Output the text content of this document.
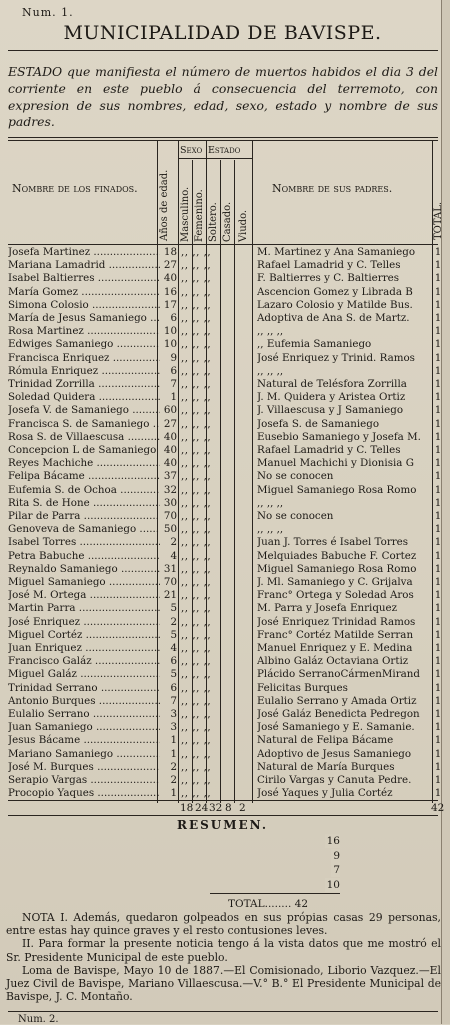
Num. 1.
MUNICIPALIDAD DE BAVISPE.
ESTADO que manifiesta el número de muertos habidos el dia 3 del corriente en este pueblo á consecuencia del terremoto, con expresion de sus nombres, edad, sexo, estado y nombre de sus padres.
Nombre de los finados. Años de edad.
Sexo Estado
Masculino. Femenino. Soltero. Casado. Viudo.
Nombre de sus padres.
TOTAL.
Josefa Martinez .....	18 ,, ,, ,,	M. Martinez y Ana Samaniego	1
Mariana Lamadrid .....	27 ,, ,, ,,	Rafael Lamadrid y C. Telles	1
Isabel Baltierres .....	40 ,, ,, ,,	F. Baltierres y C. Baltierres	1
María Gomez .....	16 ,, ,, ,,	Ascencion Gomez y Librada B	1
Simona Colosio .....	17 ,, ,, ,,	Lazaro Colosio y Matilde Bus.	1
María de Jesus Samaniego .....	6 ,, ,, ,,	Adoptiva de Ana S. de Martz.	1
Rosa Martinez .....	10 ,, ,, ,,	,, ,, ,,	1
Edwiges Samaniego .....	10 ,, ,, ,,	,, Eufemia Samaniego	1
Francisca Enriquez .....	9 ,, ,, ,,	José Enriquez y Trinid. Ramos	1
Rómula Enriquez .....	6 ,, ,, ,,	,, ,, ,,	1
Trinidad Zorrilla .....	7 ,, ,, ,,	Natural de Telésfora Zorrilla	1
Soledad Quidera .....	1 ,, ,, ,,	J. M. Quidera y Aristea Ortiz	1
Josefa V. de Samaniego .....	60 ,, ,, ,,	J. Villaescusa y J Samaniego	1
Francisca S. de Samaniego .....	27 ,, ,, ,,	Josefa S. de Samaniego	1
Rosa S. de Villaescusa .....	40 ,, ,, ,,	Eusebio Samaniego y Josefa M.	1
Concepcion L de Samaniego ..... 40 ,, ,, ,,	Rafael Lamadrid y C. Telles	1
Reyes Machiche .....	40 ,, ,, ,,	Manuel Machichi y Dionisia G	1
Felipa Bácame .....	37 ,, ,, ,,	No se conocen	1
Eufemia S. de Ochoa .....	32 ,, ,, ,,	Miguel Samaniego Rosa Romo	1
Rita S. de Hone .....	30 ,, ,, ,,	,, ,, ,,	1
Pilar de Parra .....	70 ,, ,, ,,	No se conocen	1
Genoveva de Samaniego .....	50 ,, ,, ,,	,, ,, ,,	1
Isabel Torres .....	2 ,, ,, ,,	Juan J. Torres é Isabel Torres	1
Petra Babuche .....	4 ,, ,, ,,	Melquiades Babuche F. Cortez	1
Reynaldo Samaniego .....	31 ,, ,, ,,	Miguel Samaniego Rosa Romo	1
Miguel Samaniego .....	70 ,, ,, ,,	J. Ml. Samaniego y C. Grijalva	1
José M. Ortega .....	21 ,, ,, ,,	Franc° Ortega y Soledad Aros	1
Martin Parra .....	5 ,, ,, ,,	M. Parra y Josefa Enriquez	1
José Enriquez .....	2 ,, ,, ,,	José Enriquez Trinidad Ramos	1
Miguel Cortéz .....	5 ,, ,, ,,	Franc° Cortéz Matilde Serran	1
Juan Enriquez .....	4 ,, ,, ,,	Manuel Enriquez y E. Medina	1
Francisco Galáz .....	6 ,, ,, ,,	Albino Galáz Octaviana Ortiz	1
Miguel Galáz .....	5 ,, ,, ,,	Plácido SerranoCármenMirand	1
Trinidad Serrano .....	6 ,, ,, ,,	Felicitas Burques	1
Antonio Burques .....	7 ,, ,, ,,	Eulalio Serrano y Amada Ortiz	1
Eulalio Serrano .....	3 ,, ,, ,,	José Galáz Benedicta Pedregon	1
Juan Samaniego .....	3 ,, ,, ,,	José Samaniego y E. Samanie.	1
Jesus Bácame .....	1 ,, ,, ,,	Natural de Felipa Bácame	1
Mariano Samaniego .....	1 ,, ,, ,,	Adoptivo de Jesus Samaniego	1
José M. Burques .....	2 ,, ,, ,,	Natural de María Burques	1
Serapio Vargas .....	2 ,, ,, ,,	Cirilo Vargas y Canuta Pedre.	1
Procopio Yaques .....	1 ,, ,, ,,	José Yaques y Julia Cortéz	1
18 24 32 8 2	42
RESUMEN.
16
9
7
10
TOTAL........ 42

NOTA I. Además, quedaron golpeados en sus própias casas 29 personas, entre estas hay quince graves y el resto contusiones leves.

II. Para formar la presente noticia tengo á la vista datos que me mostró el Sr. Presidente Municipal de este pueblo.

Loma de Bavispe, Mayo 10 de 1887.—El Comisionado, Liborio Vazquez.—El Juez Civil de Bavispe, Mariano Villaescusa.—V.° B.° El Presidente Municipal de Bavispe, J. C. Montaño.

Num. 2.
